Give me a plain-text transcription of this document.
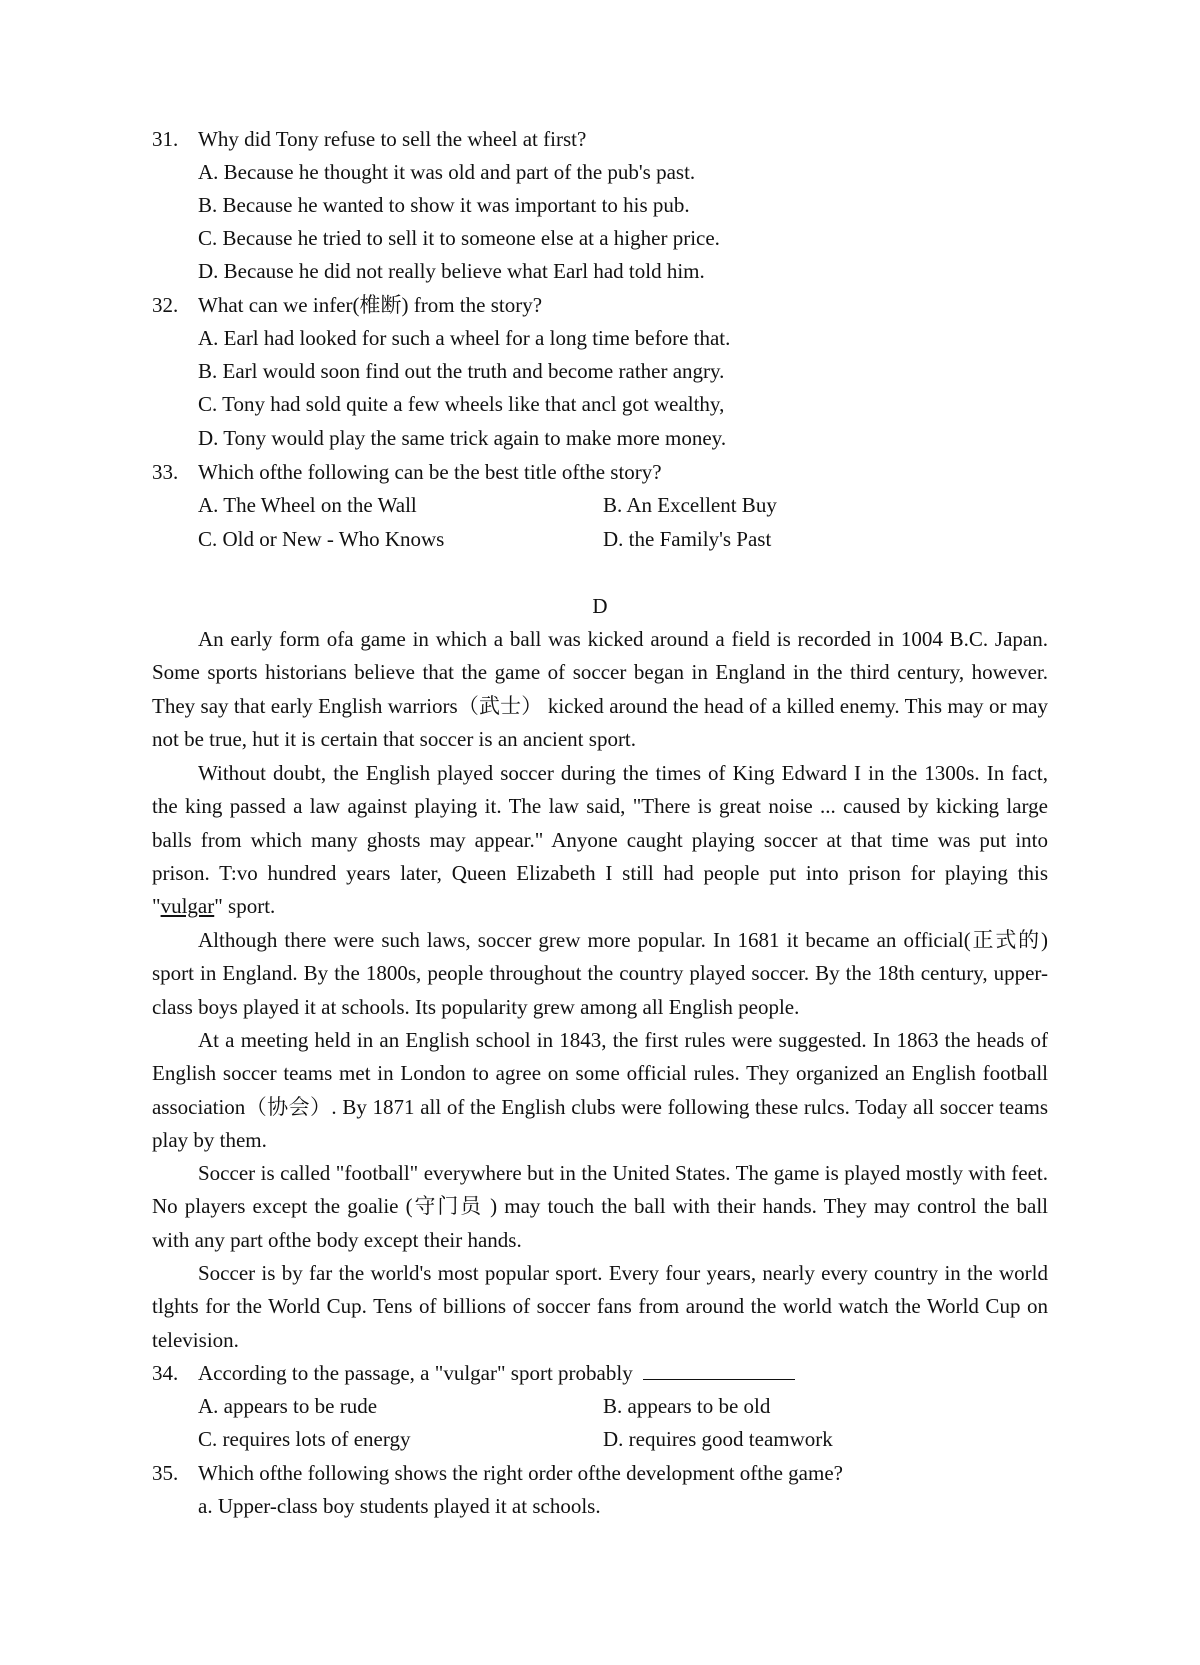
31. Why did Tony refuse to sell the wheel at first?
A. Because he thought it was old and part of the pub's past.
B. Because he wanted to show it was important to his pub.
C. Because he tried to sell it to someone else at a higher price.
D. Because he did not really believe what Earl had told him.
32. What can we infer(椎断) from the story?
A. Earl had looked for such a wheel for a long time before that.
B. Earl would soon find out the truth and become rather angry.
C. Tony had sold quite a few wheels like that ancl got wealthy,
D. Tony would play the same trick again to make more money.
33. Which ofthe following can be the best title ofthe story?
A. The Wheel on the Wall	B. An Excellent Buy
C. Old or New - Who Knows	D. the Family's Past
D
An early form ofa game in which a ball was kicked around a field is recorded in 1004 B.C. Japan. Some sports historians believe that the game of soccer began in England in the third century, however. They say that early English warriors（武士） kicked around the head of a killed enemy. This may or may not be true, hut it is certain that soccer is an ancient sport.
Without doubt, the English played soccer during the times of King Edward I in the 1300s. In fact, the king passed a law against playing it. The law said, "There is great noise ... caused by kicking large balls from which many ghosts may appear." Anyone caught playing soccer at that time was put into prison. T:vo hundred years later, Queen Elizabeth I still had people put into prison for playing this "vulgar" sport.
Although there were such laws, soccer grew more popular. In 1681 it became an official(正式的) sport in England. By the 1800s, people throughout the country played soccer. By the 18th century, upper-class boys played it at schools. Its popularity grew among all English people.
At a meeting held in an English school in 1843, the first rules were suggested. In 1863 the heads of English soccer teams met in London to agree on some official rules. They organized an English football association（协会）. By 1871 all of the English clubs were following these rulcs. Today all soccer teams play by them.
Soccer is called "football" everywhere but in the United States. The game is played mostly with feet. No players except the goalie (守门员 ) may touch the ball with their hands. They may control the ball with any part ofthe body except their hands.
Soccer is by far the world's most popular sport. Every four years, nearly every country in the world tlghts for the World Cup. Tens of billions of soccer fans from around the world watch the World Cup on television.
34. According to the passage, a "vulgar" sport probably
A. appears to be rude	B. appears to be old
C. requires lots of energy	D. requires good teamwork
35. Which ofthe following shows the right order ofthe development ofthe game?
a. Upper-class boy students played it at schools.
